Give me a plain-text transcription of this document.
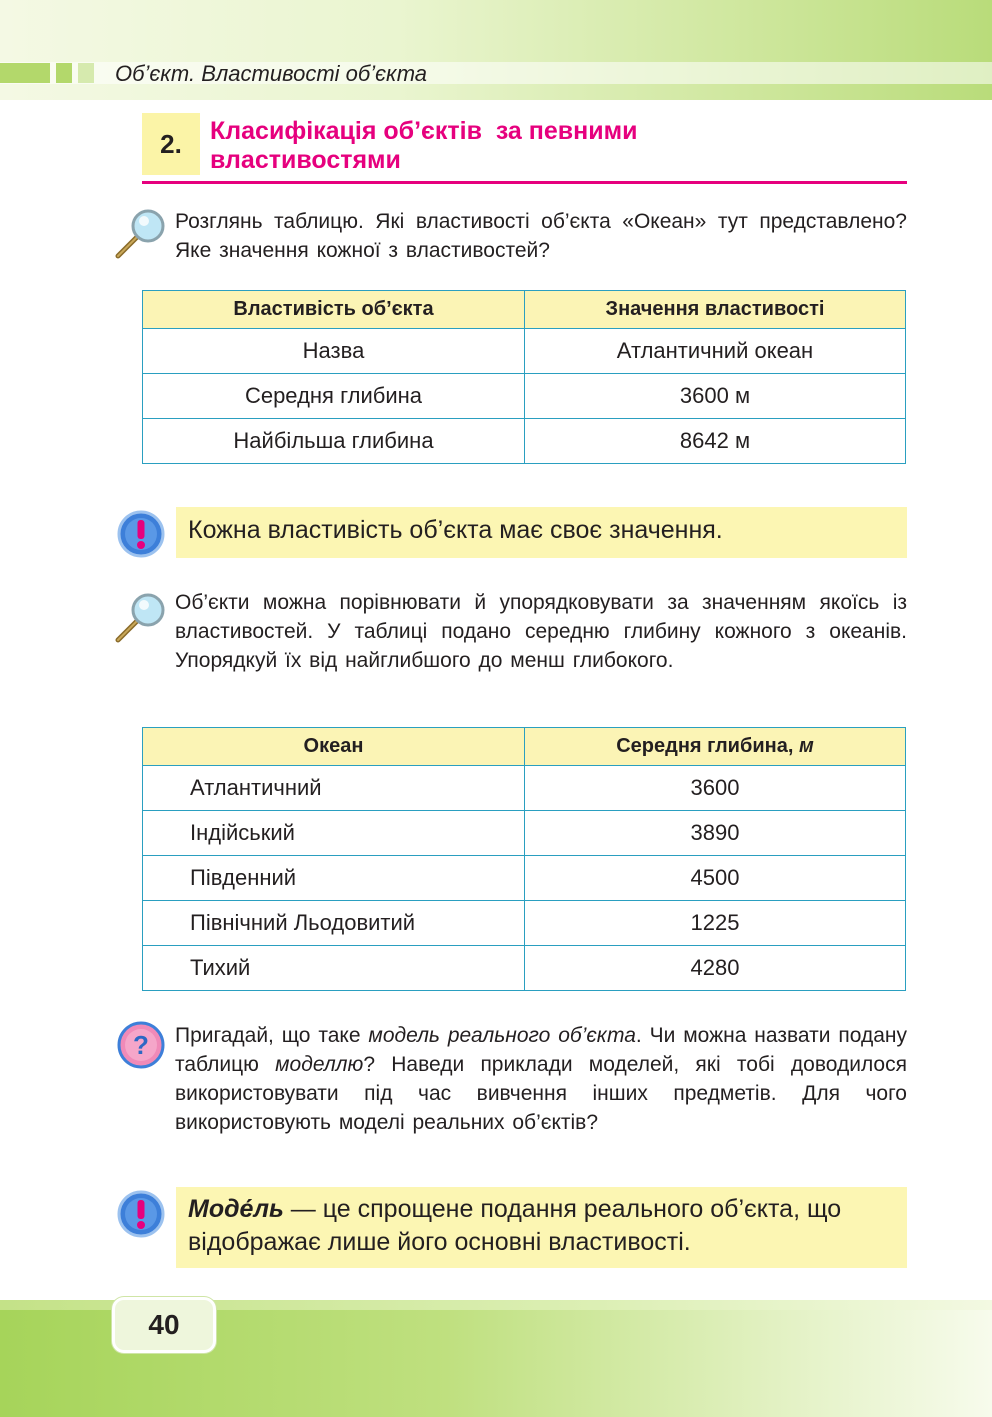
Об’єкт. Властивості об’єкта
2.	Класифікація об’єктів  за певними
властивостями
Розглянь таблицю. Які властивості об’єкта «Океан» тут представлено? Яке значення кожної з властивостей?
Властивість об’єкта	Значення властивості
Назва	Атлантичний океан
Середня глибина	3600 м
Найбільша глибина	8642 м
Кожна властивість об’єкта має своє значення.
Об’єкти можна порівнювати й упорядковувати за значенням якоїсь із властивостей. У таблиці подано середню глибину кожного з океанів. Упорядкуй їх від найглибшого до менш глибокого.
Океан	Середня глибина, м
Атлантичний	3600
Індійський	3890
Південний	4500
Північний Льодовитий	1225
Тихий	4280
? Пригадай, що таке модель реального об’єкта. Чи можна назвати подану таблицю моделлю? Наведи приклади моделей, які тобі доводилося використовувати під час вивчення інших предметів. Для чого використовують моделі реальних об’єктів?
Моде́ль — це спрощене подання реального об’єкта, що відображає лише його основні властивості.
40
